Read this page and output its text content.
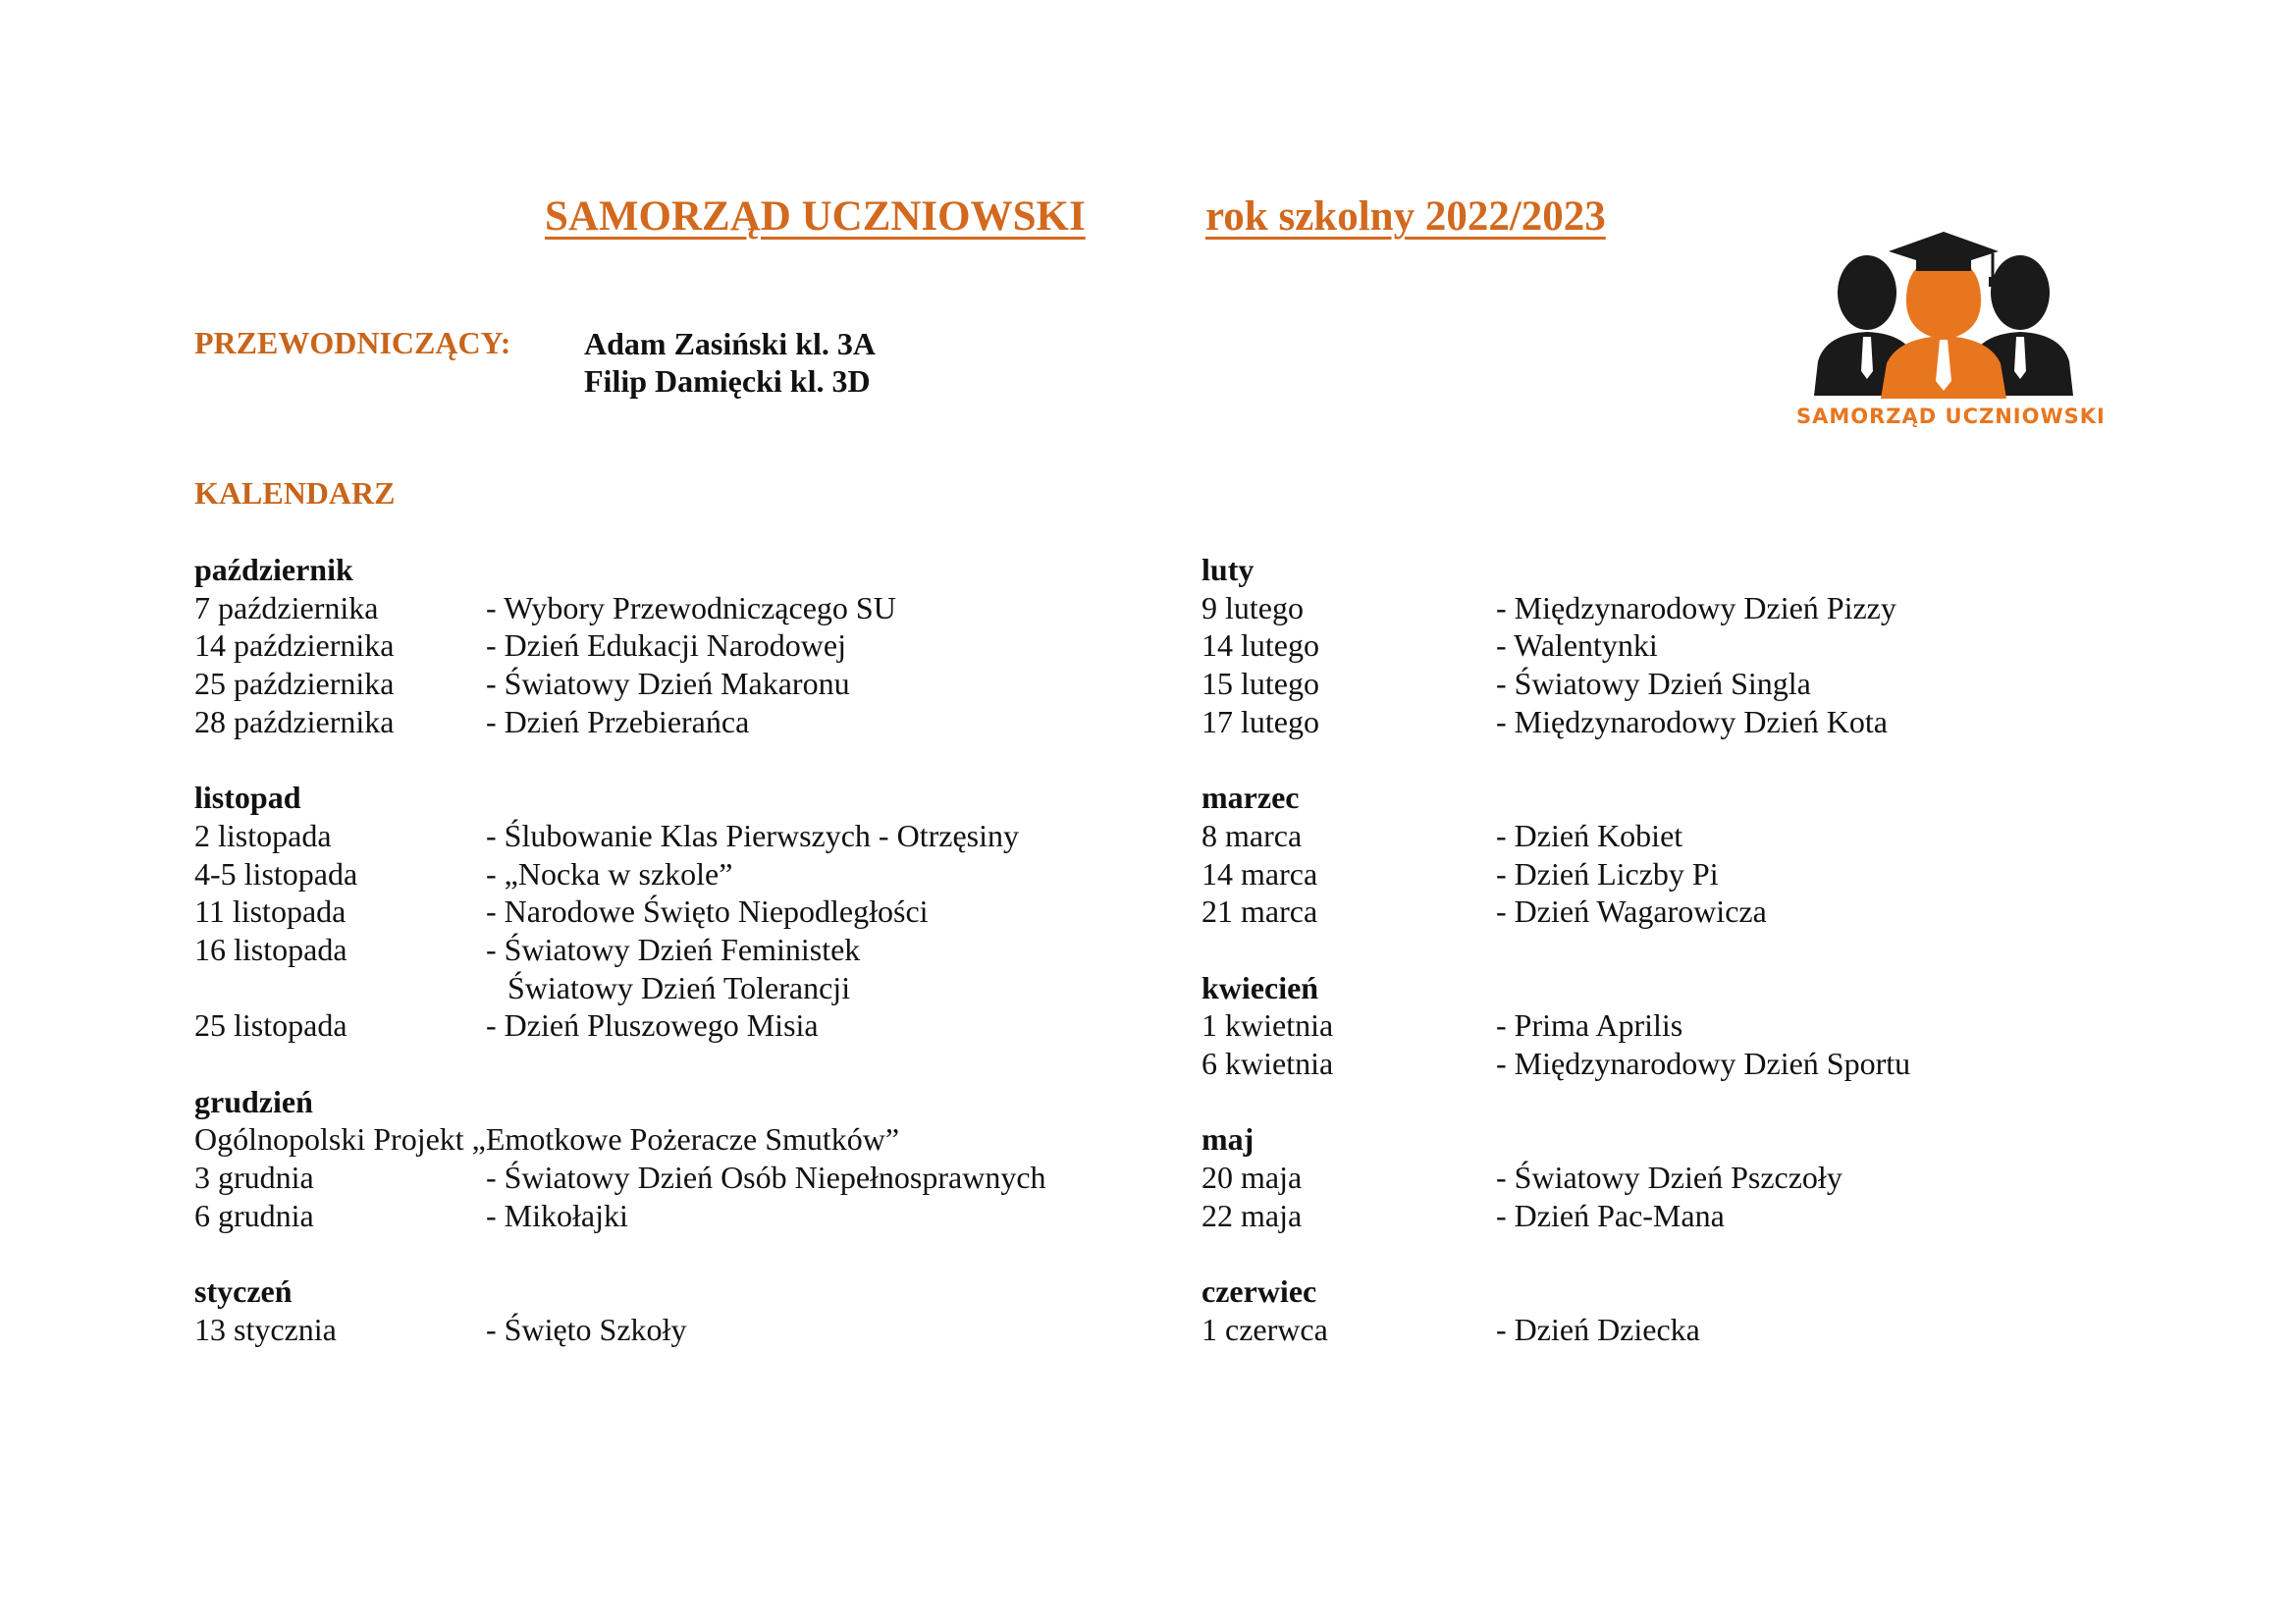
SAMORZĄD UCZNIOWSKI	rok szkolny 2022/2023
PRZEWODNICZĄCY: Adam Zasiński kl. 3A
Filip Damięcki kl. 3D
SAMORZĄD UCZNIOWSKI
KALENDARZ
październik
7 października	- Wybory Przewodniczącego SU
14 października	- Dzień Edukacji Narodowej
25 października	- Światowy Dzień Makaronu
28 października	- Dzień Przebierańca
listopad
2 listopada	- Ślubowanie Klas Pierwszych - Otrzęsiny
4-5 listopada	- „Nocka w szkole”
11 listopada	- Narodowe Święto Niepodległości
16 listopada	- Światowy Dzień Feministek
Światowy Dzień Tolerancji
25 listopada	- Dzień Pluszowego Misia
grudzień
Ogólnopolski Projekt „Emotkowe Pożeracze Smutków”
3 grudnia	- Światowy Dzień Osób Niepełnosprawnych
6 grudnia	- Mikołajki
styczeń
13 stycznia	- Święto Szkoły
luty
9 lutego	- Międzynarodowy Dzień Pizzy
14 lutego	- Walentynki
15 lutego	- Światowy Dzień Singla
17 lutego	- Międzynarodowy Dzień Kota
marzec
8 marca	- Dzień Kobiet
14 marca	- Dzień Liczby Pi
21 marca	- Dzień Wagarowicza
kwiecień
1 kwietnia	- Prima Aprilis
6 kwietnia	- Międzynarodowy Dzień Sportu
maj
20 maja	- Światowy Dzień Pszczoły
22 maja	- Dzień Pac-Mana
czerwiec
1 czerwca	- Dzień Dziecka
